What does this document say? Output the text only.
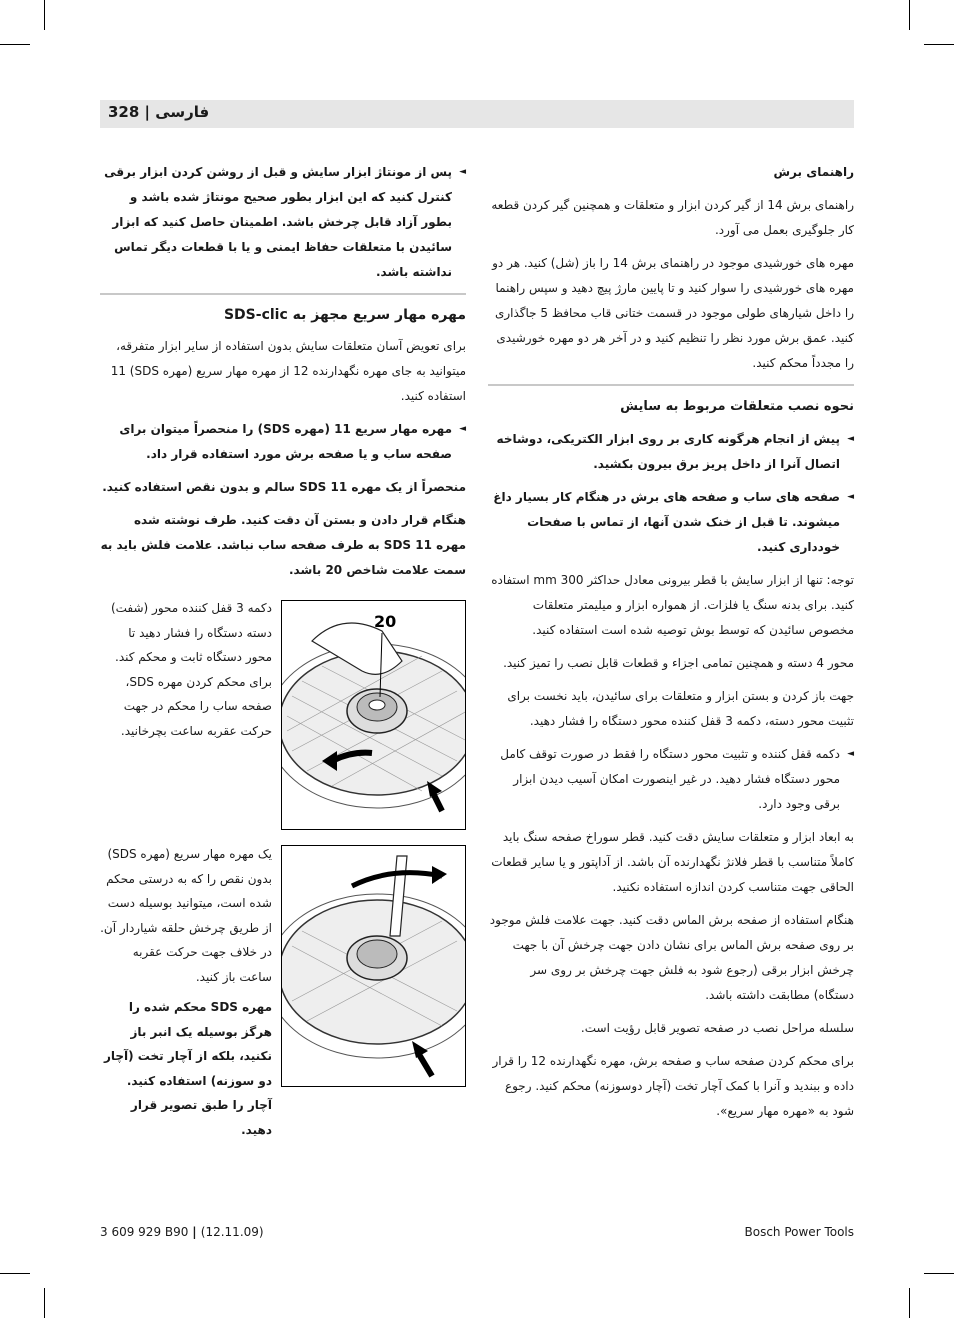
328 | فارسی

راهنمای برش

راهنمای برش 14 از گیر کردن ابزار و متعلقات و همچنین گیر کردن قطعه کار جلوگیری بعمل می آورد.

مهره های خورشیدی موجود در راهنمای برش 14 را باز (شل) کنید. هر دو مهره های خورشیدی را سوار کنید و تا پایین مارژ پیچ دهید و سپس راهنما را داخل شیارهای طولی موجود در قسمت ختانی قاب محافظ 5 جاگذاری کنید. عمق برش مورد نظر را تنظیم کنید و در آخر هر دو مهره خورشیدی را مجدداً محکم کنید.

نحوه نصب متعلقات مربوط به سایش

◄ پیش از انجام هرگونه کاری بر روی ابزار الکتریکی، دوشاخه اتصال آنرا از داخل پریز برق بیرون بکشید.

◄ صفحه های ساب و صفحه های برش در هنگام کار بسیار داغ میشوند. تا قبل از خنک شدن آنها، از تماس با صفحات خودداری کنید.

توجه: تنها از ابزار سایش با قطر بیرونی معادل حداکثر 300 mm استفاده کنید. برای بدنه سنگ یا فلزات. از همواره ابزار و میلیمتر متعلقات مخصوص سائیدن که توسط بوش توصیه شده است استفاده کنید.

محور 4 دسته و همچنین تمامی اجزاء و قطعات قابل نصب را تمیز کنید.

جهت باز کردن و بستن ابزار و متعلقات برای سائیدن، باید نخست برای تثبیت محور دسته، دکمه 3 قفل کننده محور دستگاه را فشار دهید.

◄ دکمه قفل کننده و تثبیت محور دستگاه را فقط در صورت توقف کامل محور دستگاه فشار دهید. در غیر اینصورت امکان آسیب دیدن ابزار برقی وجود دارد.

به ابعاد ابزار و متعلقات سایش دقت کنید. قطر سوراخ صفحه سنگ باید کاملاً متناسب با قطر فلانژ نگهدارنده آن باشد. از آداپتور و یا سایر قطعات الحاقی جهت متناسب کردن اندازه استفاده نکنید.

هنگام استفاده از صفحه برش الماس دقت کنید. جهت علامت فلش موجود بر روی صفحه برش الماس برای نشان دادن جهت چرخش آن با جهت چرخش ابزار برقی (رجوع شود به فلش جهت چرخش بر روی سر دستگاه) مطابقت داشته باشد.

سلسله مراحل نصب در صفحه تصویر قابل رؤیت است.

برای محکم کردن صفحه ساب و صفحه برش، مهره نگهدارنده 12 را قرار داده و ببندید و آنرا با کمک آچار تخت (آچار دوسوزنه) محکم کنید. رجوع شود به «مهره مهار سریع».

◄ پس از مونتاژ ابزار سایش و قبل از روشن کردن ابزار برقی کنترل کنید که این ابزار بطور صحیح مونتاژ شده باشد و بطور آزاد قابل چرخش باشد. اطمینان حاصل کنید که ابزار سائیدن با متعلقات حفاظ ایمنی و یا با قطعات دیگر تماس نداشته باشد.

مهره مهار سریع مجهز به SDS-clic

برای تعویض آسان متعلقات سایش بدون استفاده از سایر ابزار متفرقه، میتوانید به جای مهره نگهدارنده 12 از مهره مهار سریع (مهره SDS) 11 استفاده کنید.

◄ مهره مهار سریع 11 (مهره SDS) را منحصراً میتوان برای صفحه ساب و یا صفحه برش مورد استفاده قرار داد.

منحصراً از یک مهره SDS 11 سالم و بدون نقص استفاده کنید.

هنگام قرار دادن و بستن آن دقت کنید. طرف نوشته شده مهره SDS 11 به طرف صفحه ساب نباشد. علامت فلش باید به سمت علامت شاخص 20 باشد.

20
دکمه 3 قفل کننده محور (شفت) دسته دستگاه را فشار دهید تا محور دستگاه ثابت و محکم کند. برای محکم کردن مهره SDS، صفحه ساب را محکم در جهت حرکت عقربه ساعت بچرخانید.
یک مهره مهار سریع (مهره SDS) بدون نقص را که به درستی محکم شده است، میتوانید بوسیله دست از طریق چرخش حلقه شیاردار آن. در خلاف جهت حرکت عقربه ساعت باز کنید.
مهره SDS محکم شده را هرگز بوسیله یک انبر باز نکنید، بلکه از آچار تخت (آچار دو سوزنه) استفاده کنید. آچار را طبق تصویر قرار دهید.
3 609 929 B90 | (12.11.09)	Bosch Power Tools
